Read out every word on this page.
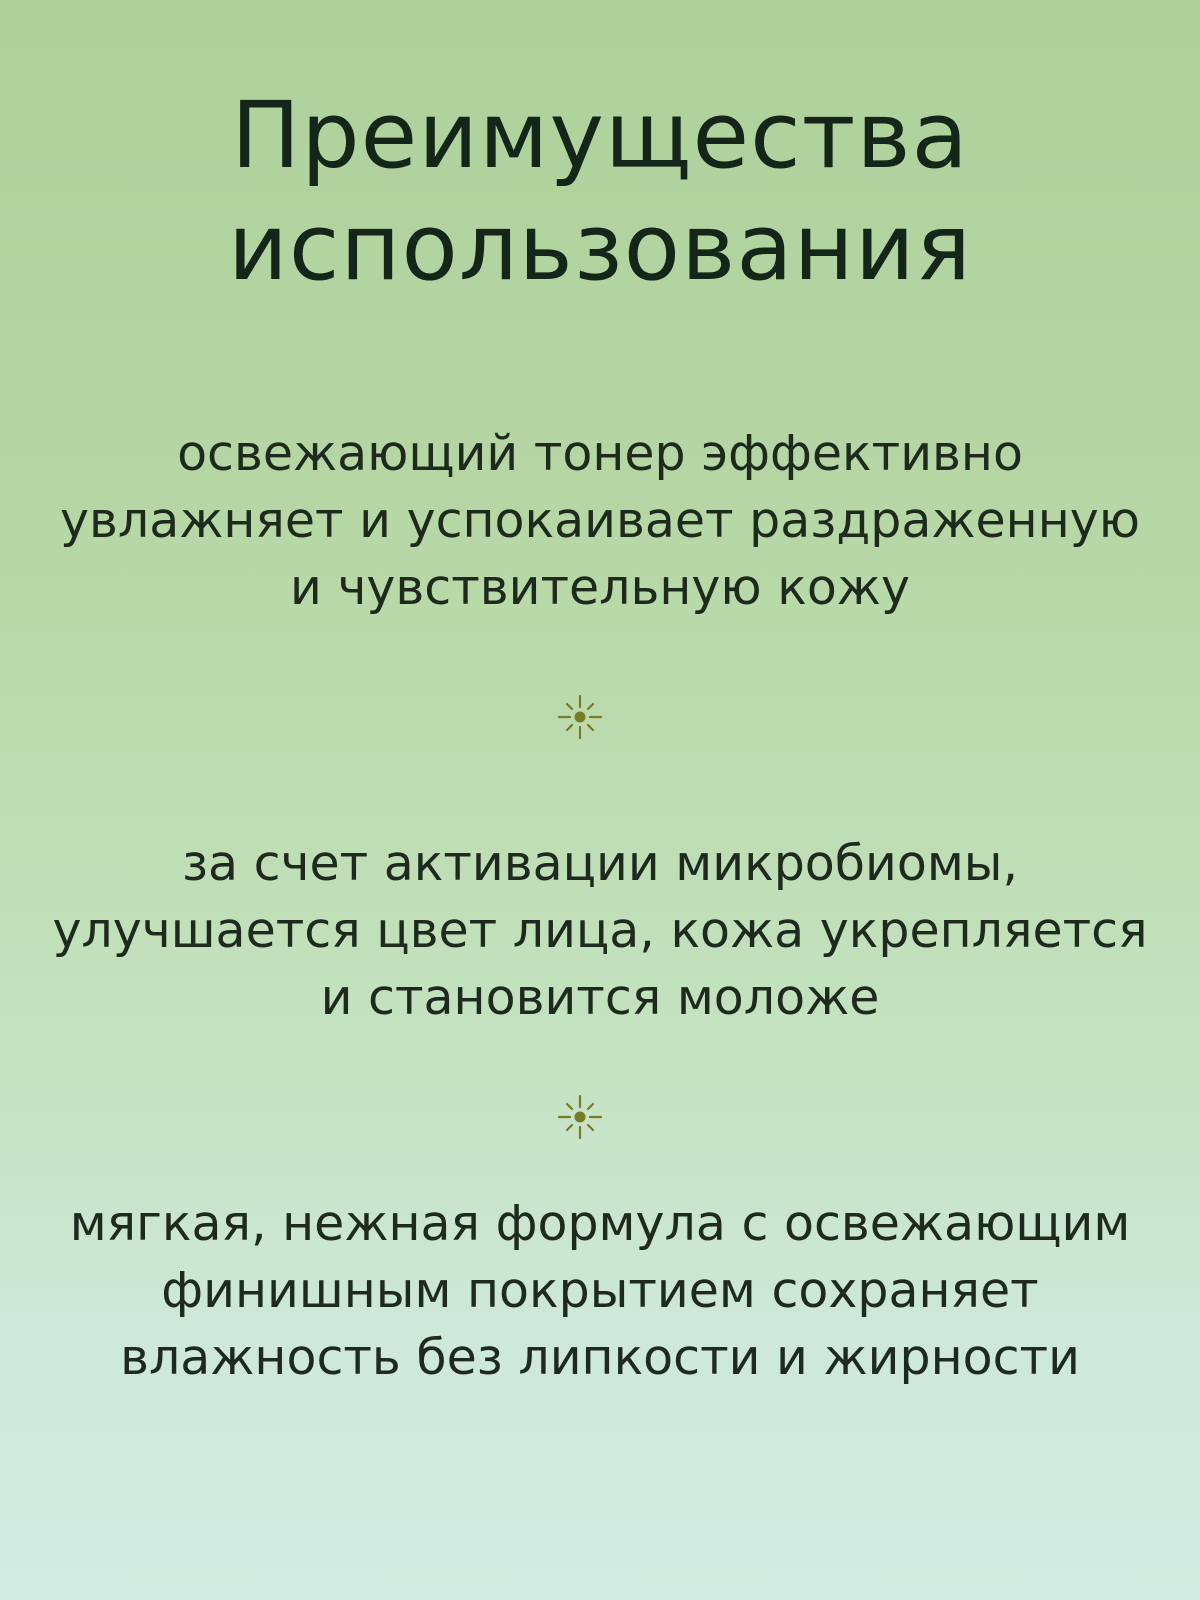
Преимущества
использования
освежающий тонер эффективно
увлажняет и успокаивает раздраженную
и чувствительную кожу
за счет активации микробиомы,
улучшается цвет лица, кожа укрепляется
и становится моложе
мягкая, нежная формула с освежающим
финишным покрытием сохраняет
влажность без липкости и жирности
